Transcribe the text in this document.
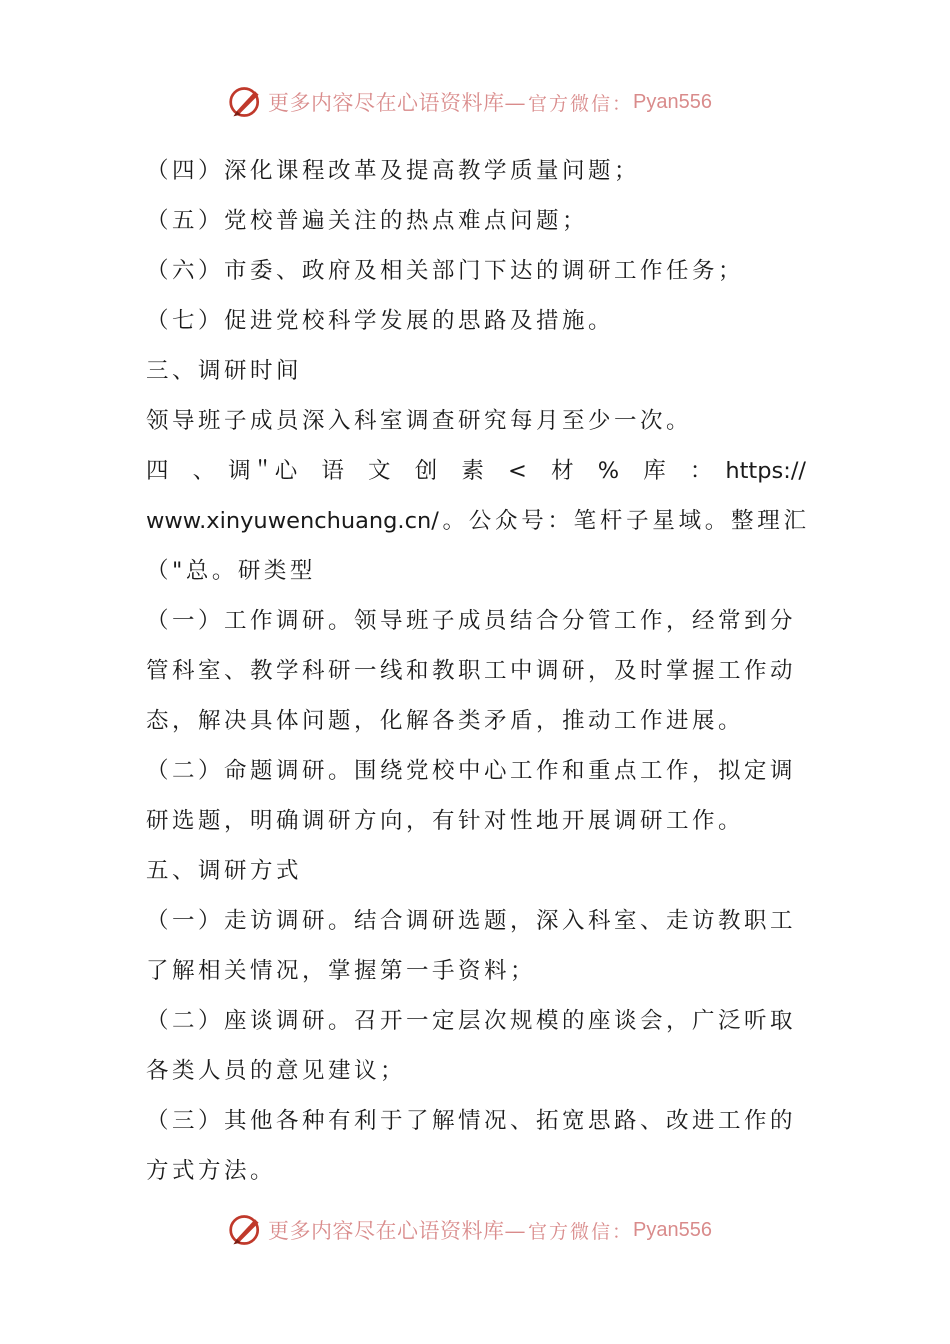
更多内容尽在心语资料库— 官方微信： Pyan556
（四）深化课程改革及提高教学质量问题；
（五）党校普遍关注的热点难点问题；
（六）市委、政府及相关部门下达的调研工作任务；
（七）促进党校科学发展的思路及措施。
三、调研时间
领导班子成员深入科室调查研究每月至少一次。
四　、　调＂心　语　文　创　素　<　材　%　库　：　https://
www.xinyuwenchuang.cn/。公众号：笔杆子星域。整理汇
（"总。研类型
（一）工作调研。领导班子成员结合分管工作，经常到分
管科室、教学科研一线和教职工中调研，及时掌握工作动
态，解决具体问题，化解各类矛盾，推动工作进展。
（二）命题调研。围绕党校中心工作和重点工作，拟定调
研选题，明确调研方向，有针对性地开展调研工作。
五、调研方式
（一）走访调研。结合调研选题，深入科室、走访教职工
了解相关情况，掌握第一手资料；
（二）座谈调研。召开一定层次规模的座谈会，广泛听取
各类人员的意见建议；
（三）其他各种有利于了解情况、拓宽思路、改进工作的
方式方法。
更多内容尽在心语资料库— 官方微信： Pyan556
